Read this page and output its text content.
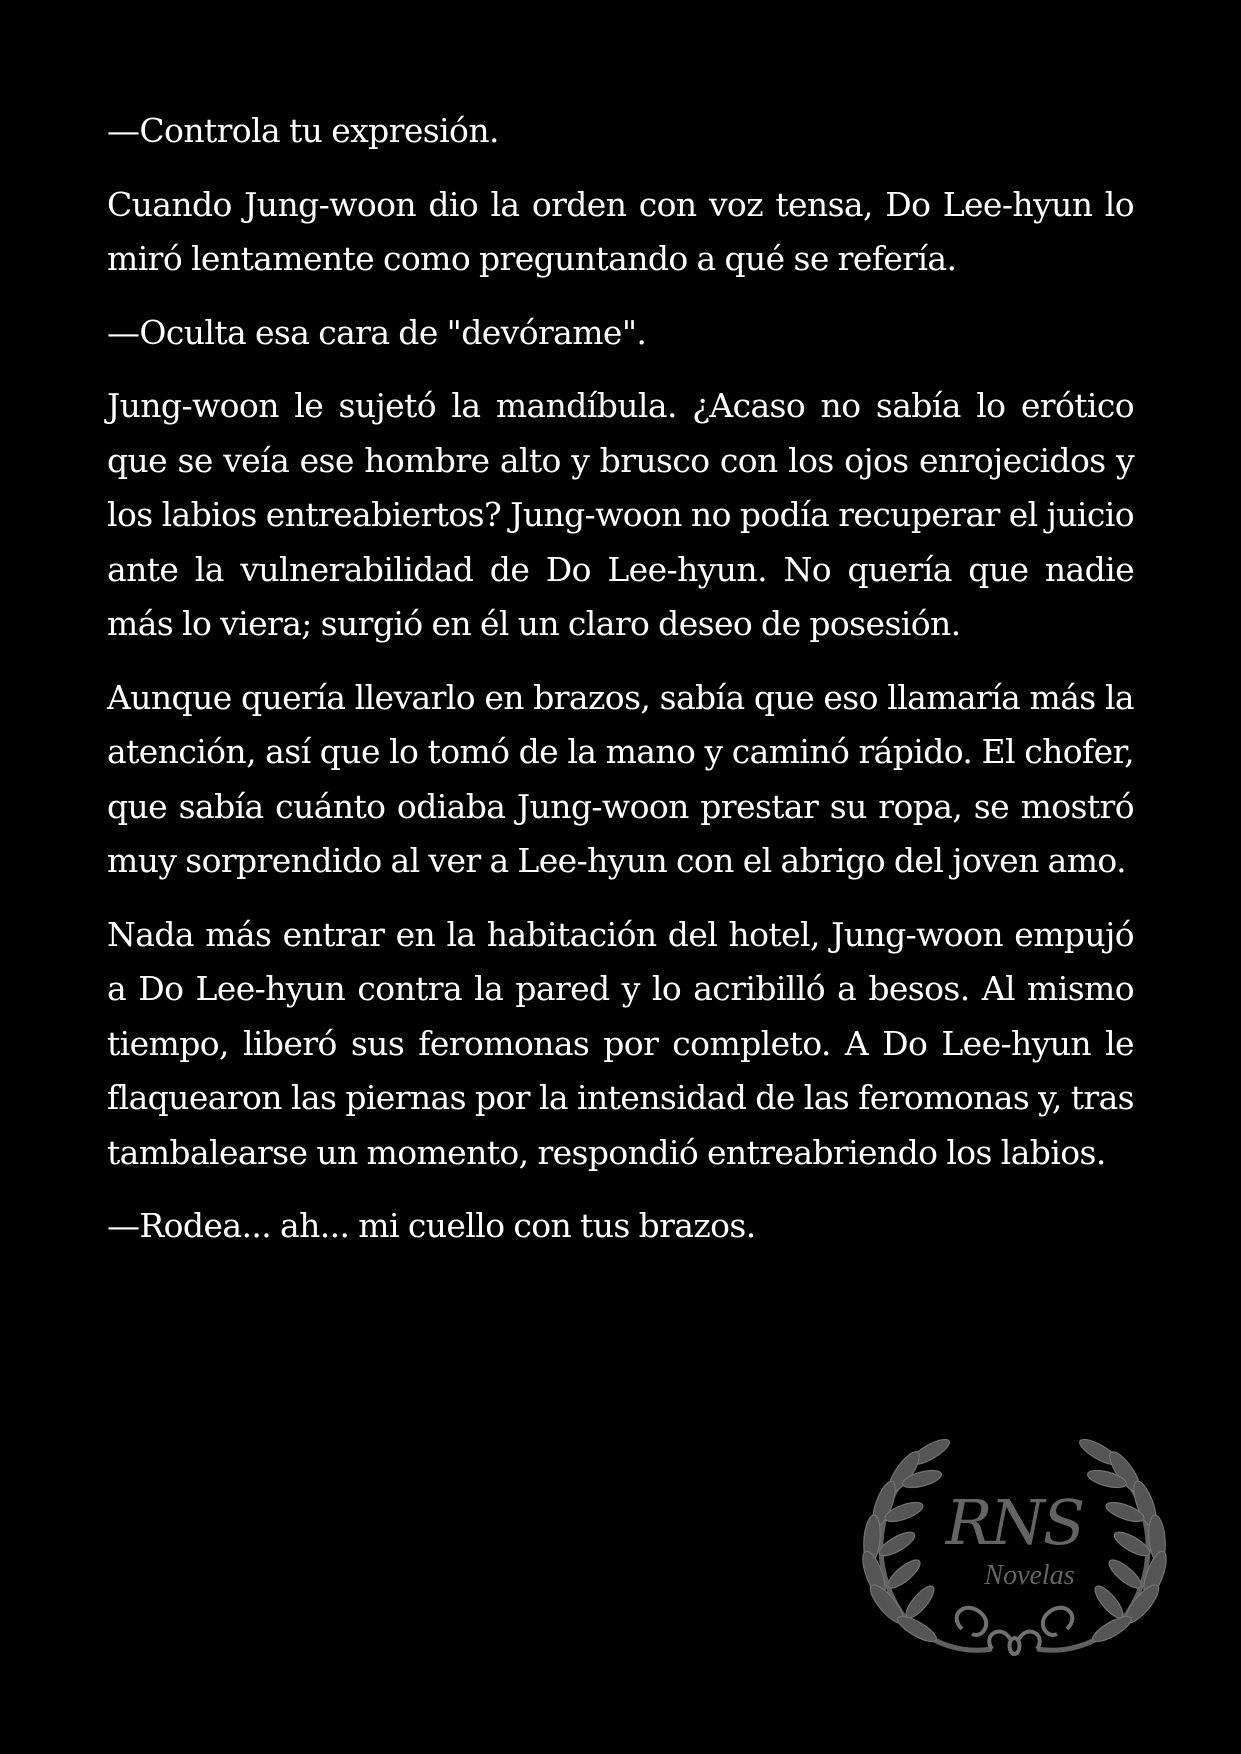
—Controla tu expresión.

Cuando Jung-woon dio la orden con voz tensa, Do Lee-hyun lo miró lentamente como preguntando a qué se refería.

—Oculta esa cara de "devórame".

Jung-woon le sujetó la mandíbula. ¿Acaso no sabía lo erótico que se veía ese hombre alto y brusco con los ojos enrojecidos y los labios entreabiertos? Jung-woon no podía recuperar el juicio ante la vulnerabilidad de Do Lee-hyun. No quería que nadie más lo viera; surgió en él un claro deseo de posesión.

Aunque quería llevarlo en brazos, sabía que eso llamaría más la atención, así que lo tomó de la mano y caminó rápido. El chofer, que sabía cuánto odiaba Jung-woon prestar su ropa, se mostró muy sorprendido al ver a Lee-hyun con el abrigo del joven amo.

Nada más entrar en la habitación del hotel, Jung-woon empujó a Do Lee-hyun contra la pared y lo acribilló a besos. Al mismo tiempo, liberó sus feromonas por completo. A Do Lee-hyun le flaquearon las piernas por la intensidad de las feromonas y, tras tambalearse un momento, respondió entreabriendo los labios.

—Rodea... ah... mi cuello con tus brazos.

RNS
Novelas
